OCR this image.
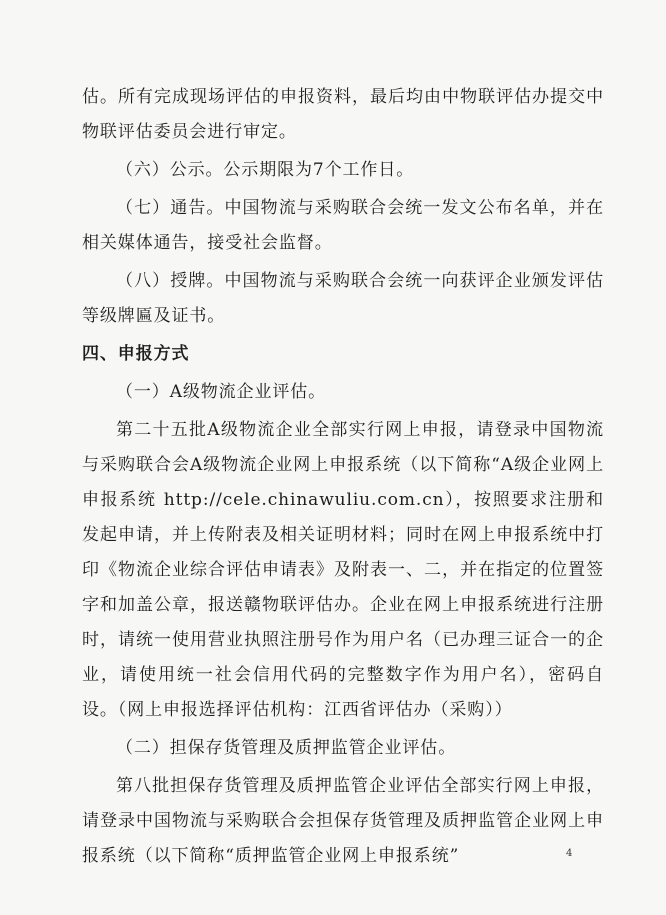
估。所有完成现场评估的申报资料，最后均由中物联评估办提交中物联评估委员会进行审定。

（六）公示。公示期限为7个工作日。

（七）通告。中国物流与采购联合会统一发文公布名单，并在相关媒体通告，接受社会监督。

（八）授牌。中国物流与采购联合会统一向获评企业颁发评估等级牌匾及证书。

四、申报方式

（一）A级物流企业评估。

第二十五批A级物流企业全部实行网上申报，请登录中国物流与采购联合会A级物流企业网上申报系统（以下简称“A级企业网上申报系统 http://cele.chinawuliu.com.cn），按照要求注册和发起申请，并上传附表及相关证明材料；同时在网上申报系统中打印《物流企业综合评估申请表》及附表一、二，并在指定的位置签字和加盖公章，报送赣物联评估办。企业在网上申报系统进行注册时，请统一使用营业执照注册号作为用户名（已办理三证合一的企业，请使用统一社会信用代码的完整数字作为用户名），密码自设。（网上申报选择评估机构：江西省评估办（采购））

（二）担保存货管理及质押监管企业评估。

第八批担保存货管理及质押监管企业评估全部实行网上申报，请登录中国物流与采购联合会担保存货管理及质押监管企业网上申报系统（以下简称“质押监管企业网上申报系统”	4
